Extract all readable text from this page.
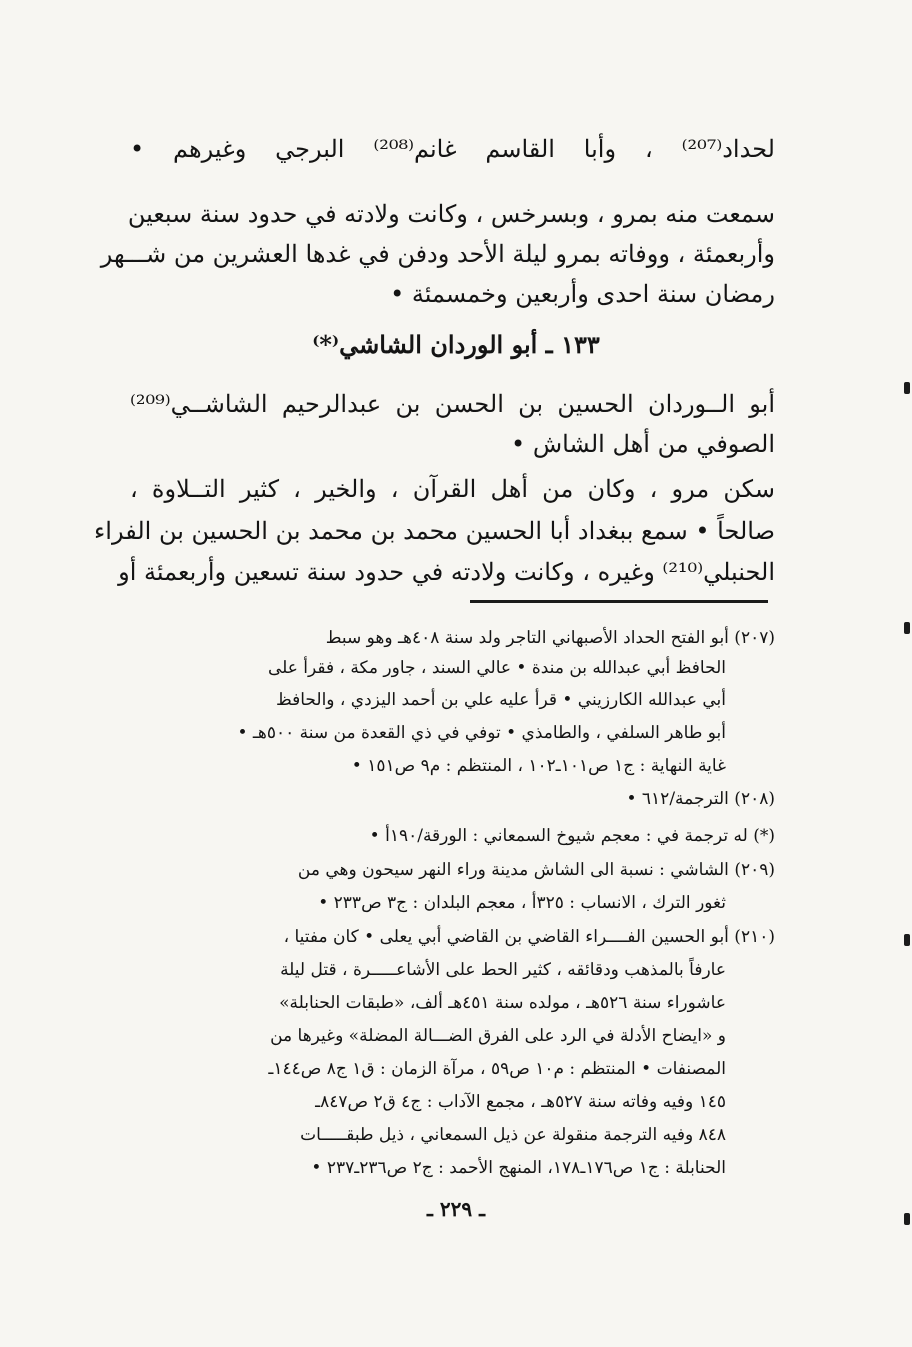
لحداد⁽²⁰⁷⁾ ، وأبا القاسم غانم⁽²⁰⁸⁾ البرجي وغيرهم •
سمعت منه بمرو ، وبسرخس ، وكانت ولادته في حدود سنة سبعين
وأربعمئة ، ووفاته بمرو ليلة الأحد ودفن في غدها العشرين من شـــهر
رمضان سنة احدى وأربعين وخمسمئة •
١٣٣ ـ أبو الوردان الشاشي⁽*⁾
أبو الــوردان الحسين بن الحسن بن عبدالرحيم الشاشــي⁽²⁰⁹⁾
الصوفي من أهل الشاش •
سكن مرو ، وكان من أهل القرآن ، والخير ، كثير التــلاوة ،
صالحاً • سمع ببغداد أبا الحسين محمد بن محمد بن الحسين بن الفراء
الحنبلي⁽²¹⁰⁾ وغيره ، وكانت ولادته في حدود سنة تسعين وأربعمئة أو
(٢٠٧) أبو الفتح الحداد الأصبهاني التاجر ولد سنة ٤٠٨هـ وهو سبط
الحافظ أبي عبدالله بن مندة • عالي السند ، جاور مكة ، فقرأ على
أبي عبدالله الكارزيني • قرأ عليه علي بن أحمد اليزدي ، والحافظ
أبو طاهر السلفي ، والطامذي • توفي في ذي القعدة من سنة ٥٠٠هـ •
غاية النهاية : ج١ ص١٠١ـ١٠٢ ، المنتظم : م٩ ص١٥١ •
(٢٠٨) الترجمة/٦١٢ •
(*) له ترجمة في : معجم شيوخ السمعاني : الورقة/١٩٠أ •
(٢٠٩) الشاشي : نسبة الى الشاش مدينة وراء النهر سيحون وهي من
ثغور الترك ، الانساب : ٣٢٥أ ، معجم البلدان : ج٣ ص٢٣٣ •
(٢١٠) أبو الحسين الفــــراء القاضي بن القاضي أبي يعلى • كان مفتيا ،
عارفاً بالمذهب ودقائقه ، كثير الحط على الأشاعـــــرة ، قتل ليلة
عاشوراء سنة ٥٢٦هـ ، مولده سنة ٤٥١هـ ألف، «طبقات الحنابلة»
و «ايضاح الأدلة في الرد على الفرق الضـــالة المضلة» وغيرها من
المصنفات • المنتظم : م١٠ ص٥٩ ، مرآة الزمان : ق١ ج٨ ص١٤٤ـ
١٤٥ وفيه وفاته سنة ٥٢٧هـ ، مجمع الآداب : ج٤ ق٢ ص٨٤٧ـ
٨٤٨ وفيه الترجمة منقولة عن ذيل السمعاني ، ذيل طبقـــــات
الحنابلة : ج١ ص١٧٦ـ١٧٨، المنهج الأحمد : ج٢ ص٢٣٦ـ٢٣٧ •
ـ ٢٢٩ ـ
